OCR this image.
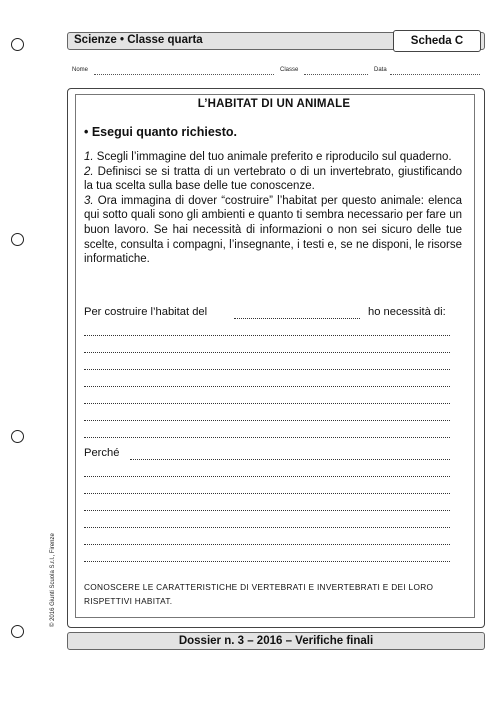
Scienze • Classe quarta	Scheda C
Nome	Classe	Data
L’HABITAT DI UN ANIMALE
• Esegui quanto richiesto.
1. Scegli l’immagine del tuo animale preferito e riproducilo sul quaderno.
2. Definisci se si tratta di un vertebrato o di un invertebrato, giustificando la tua scelta sulla base delle tue conoscenze.
3. Ora immagina di dover “costruire” l’habitat per questo animale: elenca qui sotto quali sono gli ambienti e quanto ti sembra necessario per fare un buon lavoro. Se hai necessità di informazioni o non sei sicuro delle tue scelte, consulta i compagni, l’insegnante, i testi e, se ne disponi, le risorse informatiche.
Per costruire l’habitat del	ho necessità di:
Perché
CONOSCERE LE CARATTERISTICHE DI VERTEBRATI E INVERTEBRATI E DEI LORO RISPETTIVI HABITAT.
Dossier n. 3 – 2016 – Verifiche finali
© 2016 Giunti Scuola S.r.l., Firenze
